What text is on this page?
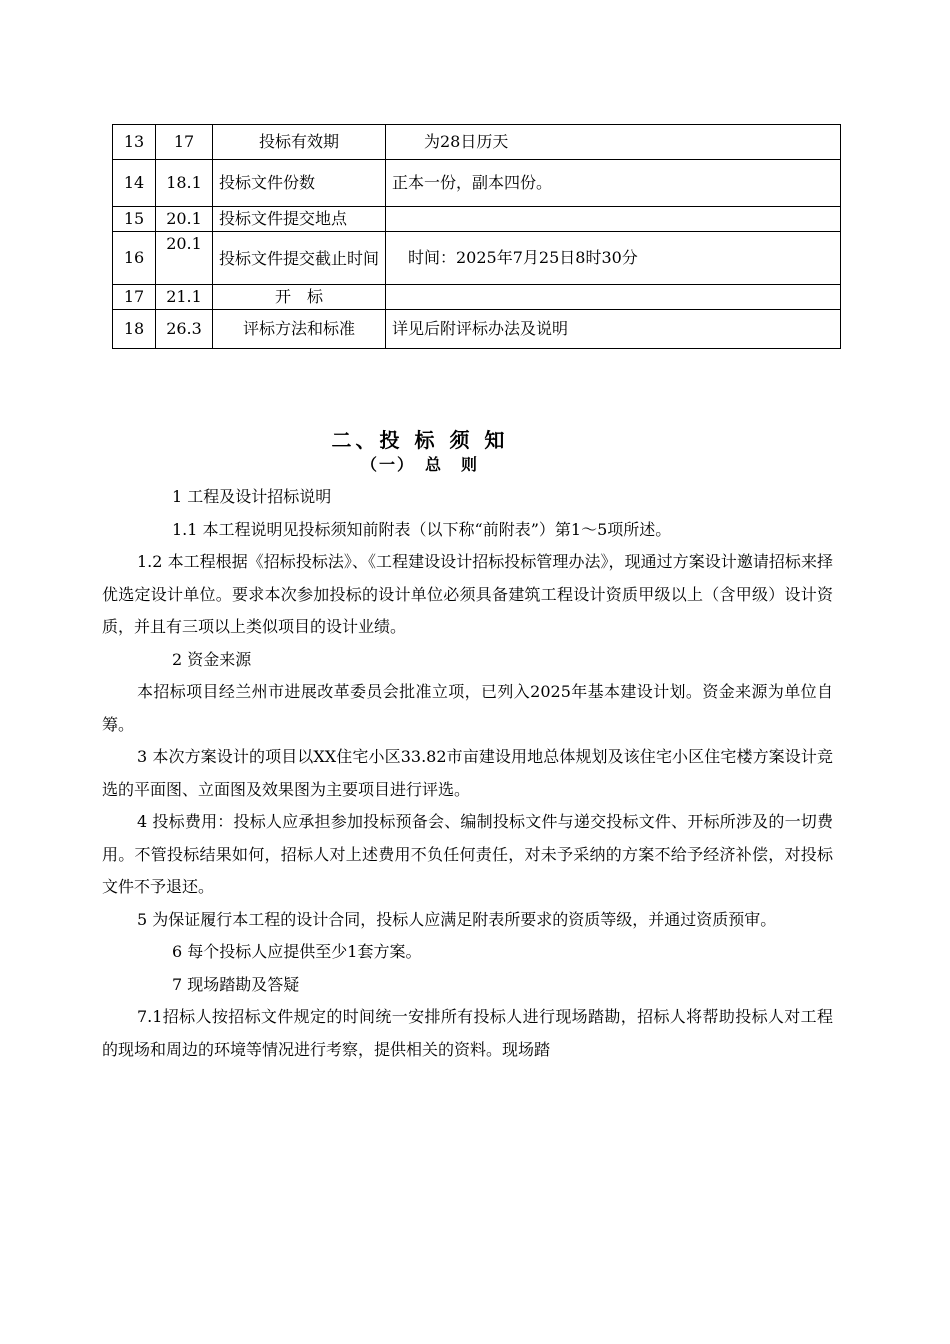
13	17	投标有效期	　　为28日历天
14	18.1	投标文件份数	正本一份，副本四份。
15	20.1	投标文件提交地点	
16	20.1	投标文件提交截止时间	　时间：2025年7月25日8时30分
17	21.1	开　标	
18	26.3	评标方法和标准	详见后附评标办法及说明
二、投 标 须 知
（一）　总　则

1 工程及设计招标说明

1.1 本工程说明见投标须知前附表（以下称“前附表”）第1～5项所述。

1.2 本工程根据《招标投标法》、《工程建设设计招标投标管理办法》，现通过方案设计邀请招标来择优选定设计单位。要求本次参加投标的设计单位必须具备建筑工程设计资质甲级以上（含甲级）设计资质，并且有三项以上类似项目的设计业绩。

2 资金来源

本招标项目经兰州市进展改革委员会批准立项，已列入2025年基本建设计划。资金来源为单位自筹。

3 本次方案设计的项目以XX住宅小区33.82市亩建设用地总体规划及该住宅小区住宅楼方案设计竞选的平面图、立面图及效果图为主要项目进行评选。

4 投标费用：投标人应承担参加投标预备会、编制投标文件与递交投标文件、开标所涉及的一切费用。不管投标结果如何，招标人对上述费用不负任何责任，对未予采纳的方案不给予经济补偿，对投标文件不予退还。

5 为保证履行本工程的设计合同，投标人应满足附表所要求的资质等级，并通过资质预审。

6 每个投标人应提供至少1套方案。

7 现场踏勘及答疑

7.1招标人按招标文件规定的时间统一安排所有投标人进行现场踏勘，招标人将帮助投标人对工程的现场和周边的环境等情况进行考察，提供相关的资料。现场踏
